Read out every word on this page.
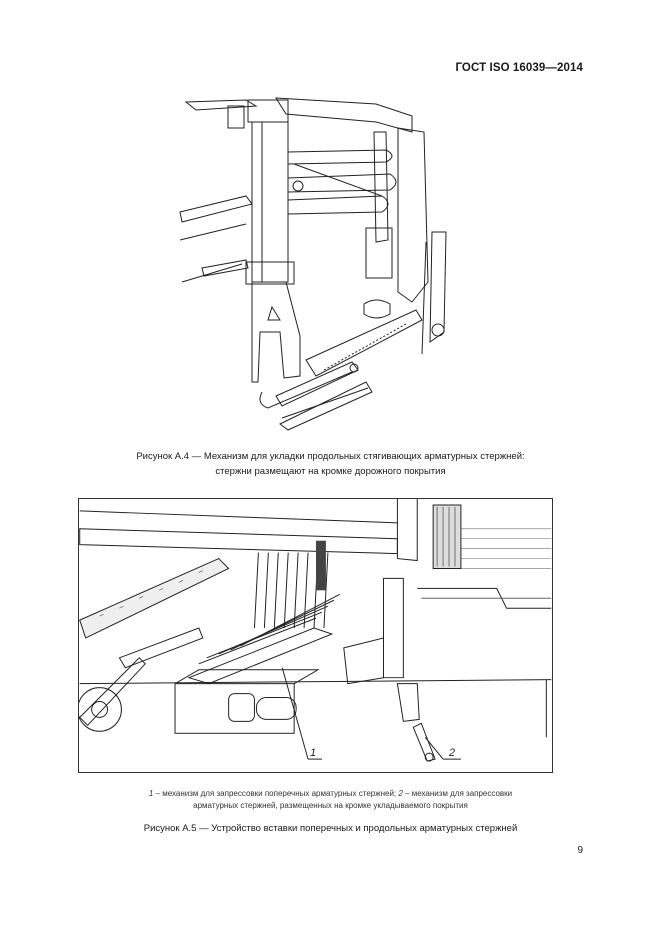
ГОСТ ISO 16039—2014
Рисунок А.4 — Механизм для укладки продольных стягивающих арматурных стержней:
стержни размещают на кромке дорожного покрытия
1	2
1 – механизм для запрессовки поперечных арматурных стержней; 2 – механизм для запрессовки
арматурных стержней, размещенных на кромке укладываемого покрытия
Рисунок А.5 — Устройство вставки поперечных и продольных арматурных стержней
9
